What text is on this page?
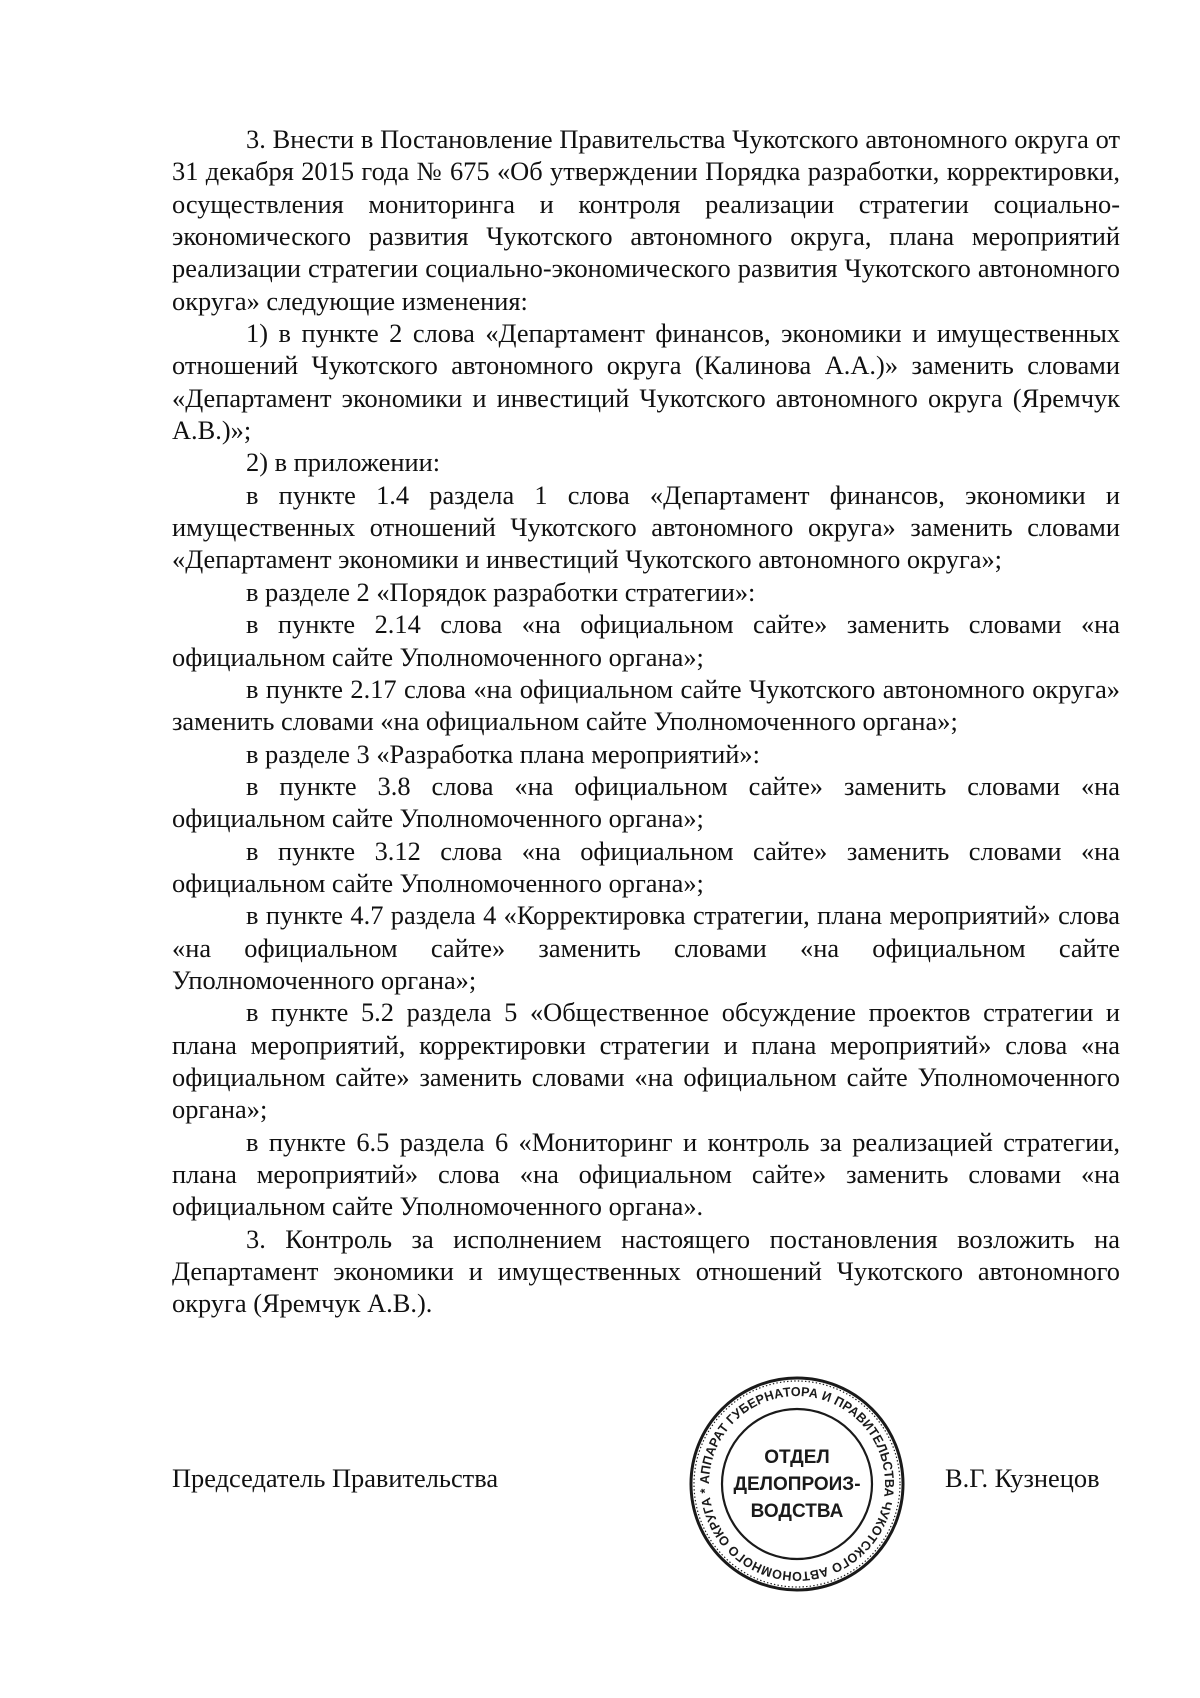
3. Внести в Постановление Правительства Чукотского автономного округа от 31 декабря 2015 года № 675 «Об утверждении Порядка разработки, корректировки, осуществления мониторинга и контроля реализации стратегии социально-экономического развития Чукотского автономного округа, плана мероприятий реализации стратегии социально-экономического развития Чукотского автономного округа» следующие изменения:

1) в пункте 2 слова «Департамент финансов, экономики и имущественных отношений Чукотского автономного округа (Калинова А.А.)» заменить словами «Департамент экономики и инвестиций Чукотского автономного округа (Яремчук А.В.)»;

2) в приложении:

в пункте 1.4 раздела 1 слова «Департамент финансов, экономики и имущественных отношений Чукотского автономного округа» заменить словами «Департамент экономики и инвестиций Чукотского автономного округа»;

в разделе 2 «Порядок разработки стратегии»:

в пункте 2.14 слова «на официальном сайте» заменить словами «на официальном сайте Уполномоченного органа»;

в пункте 2.17 слова «на официальном сайте Чукотского автономного округа» заменить словами «на официальном сайте Уполномоченного органа»;

в разделе 3 «Разработка плана мероприятий»:

в пункте 3.8 слова «на официальном сайте» заменить словами «на официальном сайте Уполномоченного органа»;

в пункте 3.12 слова «на официальном сайте» заменить словами «на официальном сайте Уполномоченного органа»;

в пункте 4.7 раздела 4 «Корректировка стратегии, плана мероприятий» слова «на официальном сайте» заменить словами «на официальном сайте Уполномоченного органа»;

в пункте 5.2 раздела 5 «Общественное обсуждение проектов стратегии и плана мероприятий, корректировки стратегии и плана мероприятий» слова «на официальном сайте» заменить словами «на официальном сайте Уполномоченного органа»;

в пункте 6.5 раздела 6 «Мониторинг и контроль за реализацией стратегии, плана мероприятий» слова «на официальном сайте» заменить словами «на официальном сайте Уполномоченного органа».

3. Контроль за исполнением настоящего постановления возложить на Департамент экономики и имущественных отношений Чукотского автономного округа (Яремчук А.В.).

Председатель Правительства	В.Г. Кузнецов
АППАРАТ ГУБЕРНАТОРА И ПРАВИТЕЛЬСТВА ЧУКОТСКОГО АВТОНОМНОГО ОКРУГА *
ОТДЕЛ
ДЕЛОПРОИЗ-
ВОДСТВА
